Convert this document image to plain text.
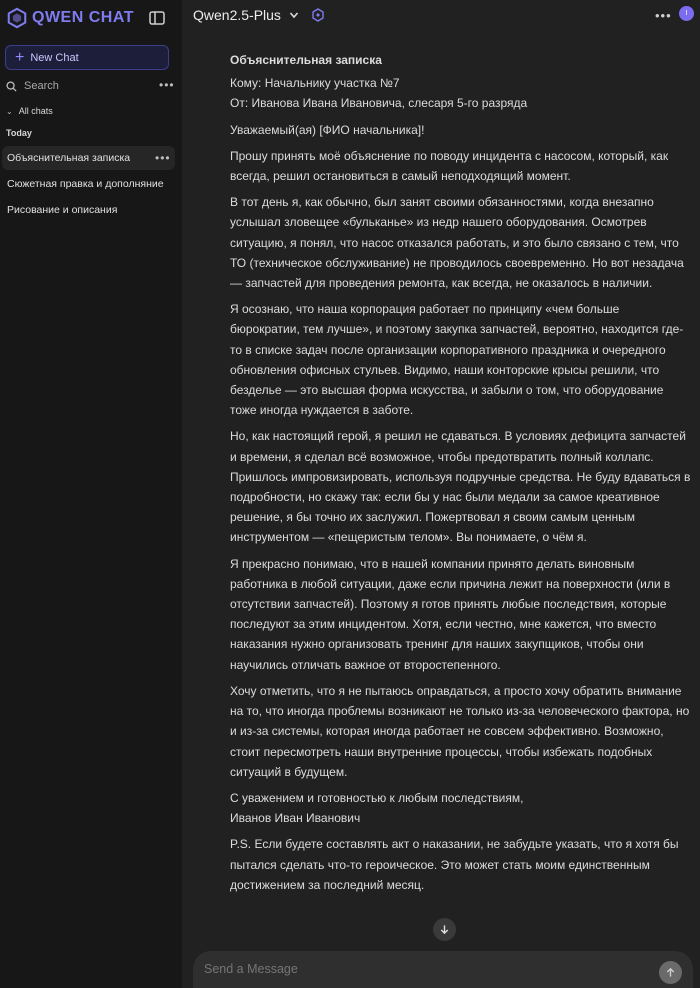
QWEN CHAT
+ New Chat
Search	•••
⌄ All chats
Today
Объяснительная записка •••
Сюжетная правка и дополняние
Рисование и описания
Qwen2.5-Plus	••• I
Объяснительная записка
Кому: Начальнику участка №7
От: Иванова Ивана Ивановича, слесаря 5-го разряда

Уважаемый(ая) [ФИО начальника]!

Прошу принять моё объяснение по поводу инцидента с насосом, который, как всегда, решил остановиться в самый неподходящий момент.

В тот день я, как обычно, был занят своими обязанностями, когда внезапно услышал зловещее «бульканье» из недр нашего оборудования. Осмотрев ситуацию, я понял, что насос отказался работать, и это было связано с тем, что ТО (техническое обслуживание) не проводилось своевременно. Но вот незадача — запчастей для проведения ремонта, как всегда, не оказалось в наличии.

Я осознаю, что наша корпорация работает по принципу «чем больше бюрократии, тем лучше», и поэтому закупка запчастей, вероятно, находится где-то в списке задач после организации корпоративного праздника и очередного обновления офисных стульев. Видимо, наши конторские крысы решили, что безделье — это высшая форма искусства, и забыли о том, что оборудование тоже иногда нуждается в заботе.

Но, как настоящий герой, я решил не сдаваться. В условиях дефицита запчастей и времени, я сделал всё возможное, чтобы предотвратить полный коллапс. Пришлось импровизировать, используя подручные средства. Не буду вдаваться в подробности, но скажу так: если бы у нас были медали за самое креативное решение, я бы точно их заслужил. Пожертвовал я своим самым ценным инструментом — «пещеристым телом». Вы понимаете, о чём я.

Я прекрасно понимаю, что в нашей компании принято делать виновным работника в любой ситуации, даже если причина лежит на поверхности (или в отсутствии запчастей). Поэтому я готов принять любые последствия, которые последуют за этим инцидентом. Хотя, если честно, мне кажется, что вместо наказания нужно организовать тренинг для наших закупщиков, чтобы они научились отличать важное от второстепенного.

Хочу отметить, что я не пытаюсь оправдаться, а просто хочу обратить внимание на то, что иногда проблемы возникают не только из-за человеческого фактора, но и из-за системы, которая иногда работает не совсем эффективно. Возможно, стоит пересмотреть наши внутренние процессы, чтобы избежать подобных ситуаций в будущем.

С уважением и готовностью к любым последствиям,
Иванов Иван Иванович

P.S. Если будете составлять акт о наказании, не забудьте указать, что я хотя бы пытался сделать что-то героическое. Это может стать моим единственным достижением за последний месяц.

Send a Message
